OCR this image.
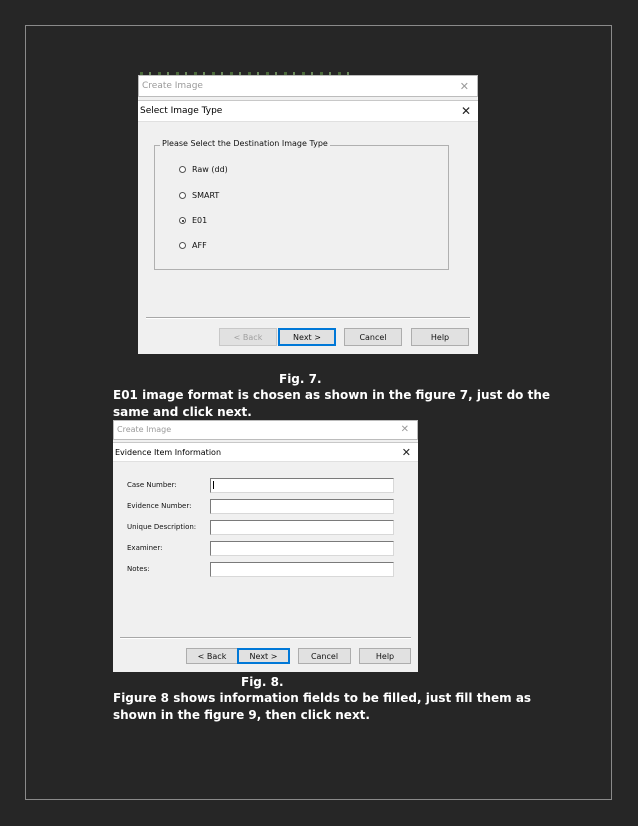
Create Image	✕
Select Image Type	✕
Please Select the Destination Image Type
Raw (dd)
SMART
E01
AFF
< Back	Next >	Cancel	Help
Fig. 7.
E01 image format is chosen as shown in the figure 7, just do the same and click next.
Create Image	✕
Evidence Item Information	✕
Case Number:
Evidence Number:
Unique Description:
Examiner:
Notes:
< Back	Next >	Cancel	Help
Fig. 8.
Figure 8 shows information fields to be filled, just fill them as shown in the figure 9, then click next.
